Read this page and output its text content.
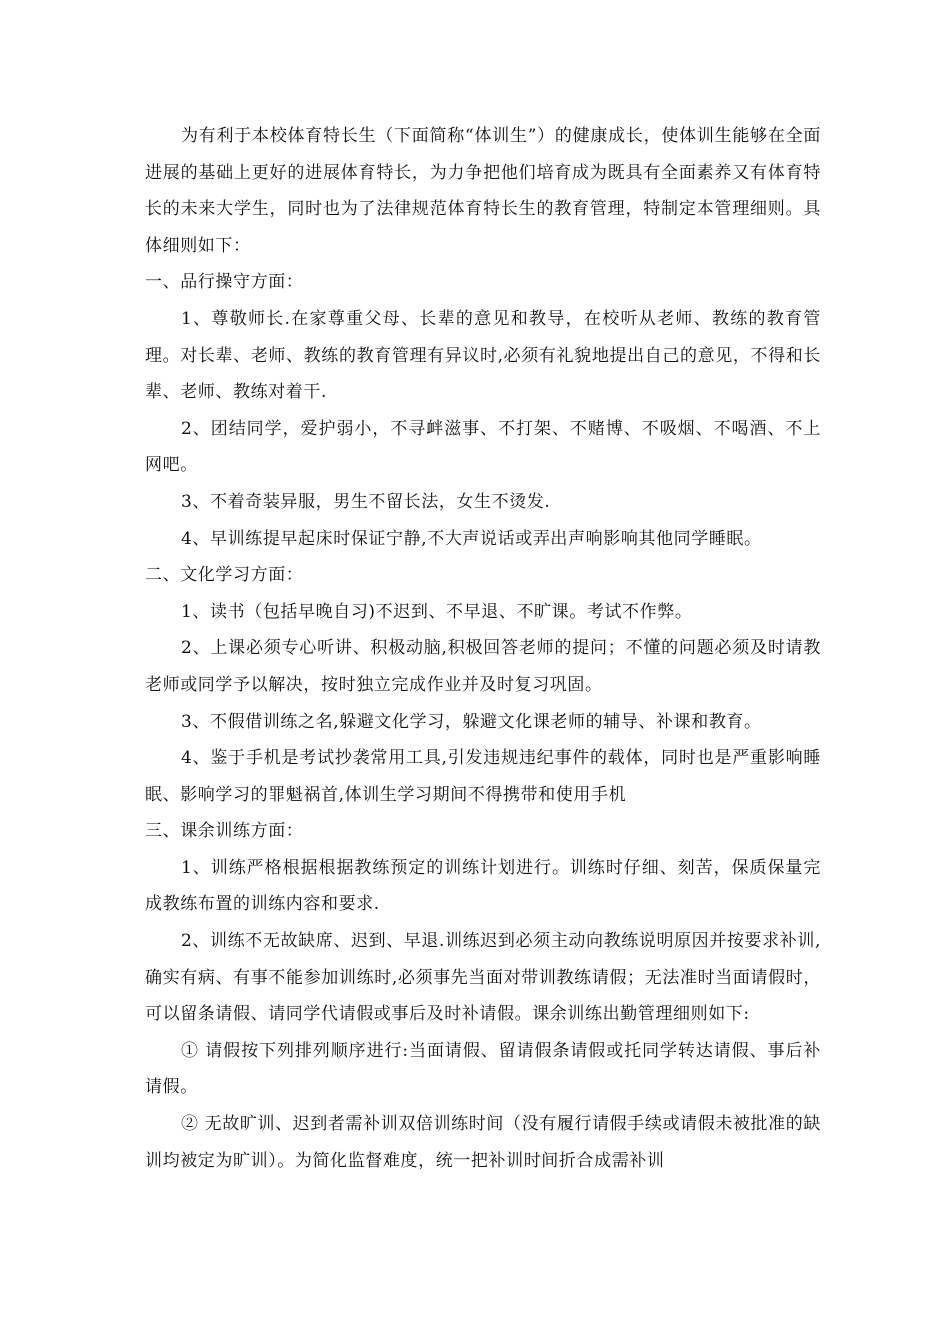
为有利于本校体育特长生（下面简称“体训生”）的健康成长，使体训生能够在全面进展的基础上更好的进展体育特长，为力争把他们培育成为既具有全面素养又有体育特长的未来大学生，同时也为了法律规范体育特长生的教育管理，特制定本管理细则。具体细则如下：

一、品行操守方面：

1、尊敬师长.在家尊重父母、长辈的意见和教导，在校听从老师、教练的教育管理。对长辈、老师、教练的教育管理有异议时,必须有礼貌地提出自己的意见，不得和长辈、老师、教练对着干.

2、团结同学，爱护弱小，不寻衅滋事、不打架、不赌博、不吸烟、不喝酒、不上网吧。

3、不着奇装异服，男生不留长法，女生不烫发.

4、早训练提早起床时保证宁静,不大声说话或弄出声响影响其他同学睡眠。

二、文化学习方面：

1、读书（包括早晚自习)不迟到、不早退、不旷课。考试不作弊。

2、上课必须专心听讲、积极动脑,积极回答老师的提问；不懂的问题必须及时请教老师或同学予以解决，按时独立完成作业并及时复习巩固。

3、不假借训练之名,躲避文化学习，躲避文化课老师的辅导、补课和教育。

4、鉴于手机是考试抄袭常用工具,引发违规违纪事件的载体，同时也是严重影响睡眠、影响学习的罪魁祸首,体训生学习期间不得携带和使用手机

三、课余训练方面：

1、训练严格根据根据教练预定的训练计划进行。训练时仔细、刻苦，保质保量完成教练布置的训练内容和要求.

2、训练不无故缺席、迟到、早退.训练迟到必须主动向教练说明原因并按要求补训,确实有病、有事不能参加训练时,必须事先当面对带训教练请假；无法准时当面请假时，可以留条请假、请同学代请假或事后及时补请假。课余训练出勤管理细则如下:

① 请假按下列排列顺序进行:当面请假、留请假条请假或托同学转达请假、事后补请假。

② 无故旷训、迟到者需补训双倍训练时间（没有履行请假手续或请假未被批准的缺训均被定为旷训）。为简化监督难度，统一把补训时间折合成需补训
